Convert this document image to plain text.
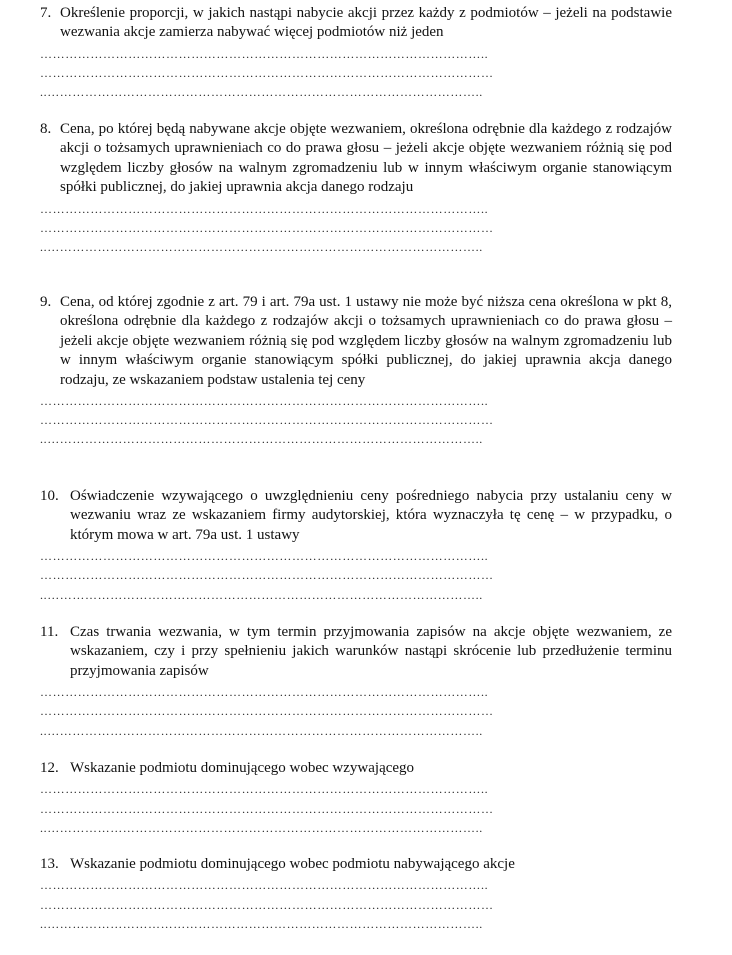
7. Określenie proporcji, w jakich nastąpi nabycie akcji przez każdy z podmiotów – jeżeli na podstawie wezwania akcje zamierza nabywać więcej podmiotów niż jeden
……………………………………………………………………………………………..
………………………………………………………………………………………………
..…………………………………………………………………………………………..
8. Cena, po której będą nabywane akcje objęte wezwaniem, określona odrębnie dla każdego z rodzajów akcji o tożsamych uprawnieniach co do prawa głosu – jeżeli akcje objęte wezwaniem różnią się pod względem liczby głosów na walnym zgromadzeniu lub w innym właściwym organie stanowiącym spółki publicznej, do jakiej uprawnia akcja danego rodzaju
……………………………………………………………………………………………..
………………………………………………………………………………………………
..…………………………………………………………………………………………..
9. Cena, od której zgodnie z art. 79 i art. 79a ust. 1 ustawy nie może być niższa cena określona w pkt 8, określona odrębnie dla każdego z rodzajów akcji o tożsamych uprawnieniach co do prawa głosu – jeżeli akcje objęte wezwaniem różnią się pod względem liczby głosów na walnym zgromadzeniu lub w innym właściwym organie stanowiącym spółki publicznej, do jakiej uprawnia akcja danego rodzaju, ze wskazaniem podstaw ustalenia tej ceny
……………………………………………………………………………………………..
………………………………………………………………………………………………
..…………………………………………………………………………………………..
10. Oświadczenie wzywającego o uwzględnieniu ceny pośredniego nabycia przy ustalaniu ceny w wezwaniu wraz ze wskazaniem firmy audytorskiej, która wyznaczyła tę cenę – w przypadku, o którym mowa w art. 79a ust. 1 ustawy
……………………………………………………………………………………………..
………………………………………………………………………………………………
..…………………………………………………………………………………………..
11. Czas trwania wezwania, w tym termin przyjmowania zapisów na akcje objęte wezwaniem, ze wskazaniem, czy i przy spełnieniu jakich warunków nastąpi skrócenie lub przedłużenie terminu przyjmowania zapisów
……………………………………………………………………………………………..
………………………………………………………………………………………………
..…………………………………………………………………………………………..
12. Wskazanie podmiotu dominującego wobec wzywającego
……………………………………………………………………………………………..
………………………………………………………………………………………………
..…………………………………………………………………………………………..
13. Wskazanie podmiotu dominującego wobec podmiotu nabywającego akcje
……………………………………………………………………………………………..
………………………………………………………………………………………………
..…………………………………………………………………………………………..
